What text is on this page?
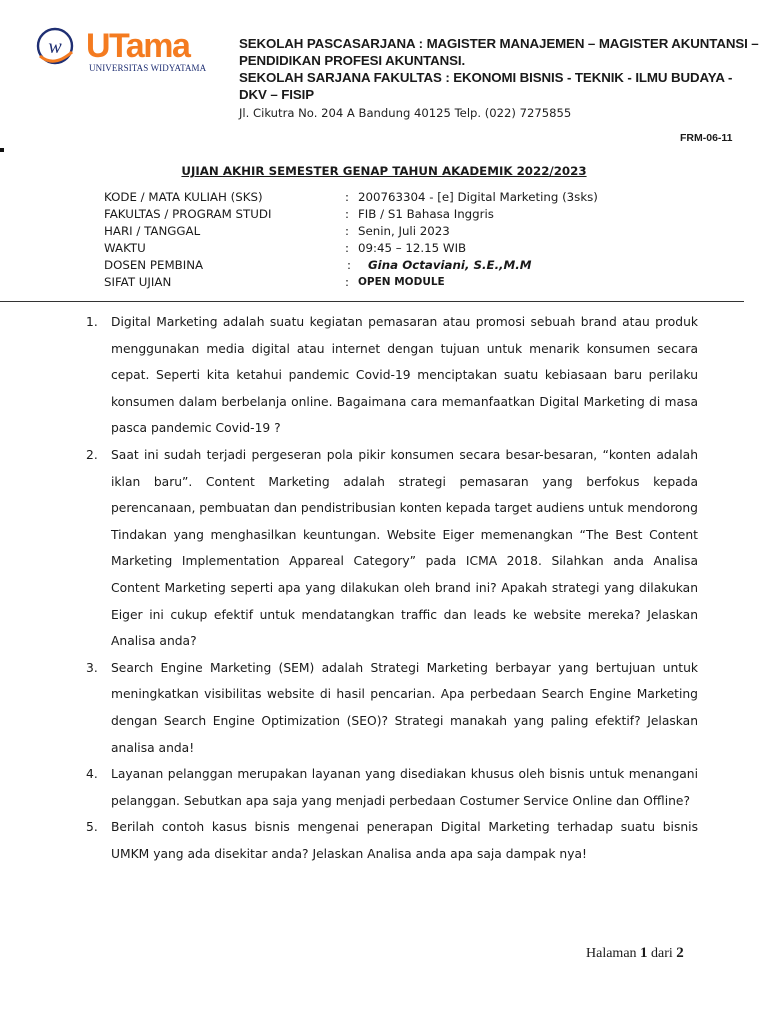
w UTama
UNIVERSITAS WIDYATAMA
SEKOLAH PASCASARJANA : MAGISTER MANAJEMEN – MAGISTER AKUNTANSI –
PENDIDIKAN PROFESI AKUNTANSI.
SEKOLAH SARJANA FAKULTAS : EKONOMI BISNIS - TEKNIK - ILMU BUDAYA -
DKV – FISIP
Jl. Cikutra No. 204 A Bandung 40125 Telp. (022) 7275855
FRM-06-11
UJIAN AKHIR SEMESTER GENAP TAHUN AKADEMIK 2022/2023
KODE / MATA KULIAH (SKS)	: 200763304 - [e] Digital Marketing (3sks)
FAKULTAS / PROGRAM STUDI	: FIB / S1 Bahasa Inggris
HARI / TANGGAL	: Senin, Juli 2023
WAKTU	: 09:45 – 12.15 WIB
DOSEN PEMBINA	: Gina Octaviani, S.E.,M.M
SIFAT UJIAN	: OPEN MODULE

1. Digital Marketing adalah suatu kegiatan pemasaran atau promosi sebuah brand atau produk menggunakan media digital atau internet dengan tujuan untuk menarik konsumen secara cepat. Seperti kita ketahui pandemic Covid-19 menciptakan suatu kebiasaan baru perilaku konsumen dalam berbelanja online. Bagaimana cara memanfaatkan Digital Marketing di masa pasca pandemic Covid-19 ?

2. Saat ini sudah terjadi pergeseran pola pikir konsumen secara besar-besaran, “konten adalah iklan baru”. Content Marketing adalah strategi pemasaran yang berfokus kepada perencanaan, pembuatan dan pendistribusian konten kepada target audiens untuk mendorong Tindakan yang menghasilkan keuntungan. Website Eiger memenangkan “The Best Content Marketing Implementation Appareal Category” pada ICMA 2018. Silahkan anda Analisa Content Marketing seperti apa yang dilakukan oleh brand ini? Apakah strategi yang dilakukan Eiger ini cukup efektif untuk mendatangkan traffic dan leads ke website mereka? Jelaskan Analisa anda?

3. Search Engine Marketing (SEM) adalah Strategi Marketing berbayar yang bertujuan untuk meningkatkan visibilitas website di hasil pencarian. Apa perbedaan Search Engine Marketing dengan Search Engine Optimization (SEO)? Strategi manakah yang paling efektif? Jelaskan analisa anda!

4. Layanan pelanggan merupakan layanan yang disediakan khusus oleh bisnis untuk menangani pelanggan. Sebutkan apa saja yang menjadi perbedaan Costumer Service Online dan Offline?

5. Berilah contoh kasus bisnis mengenai penerapan Digital Marketing terhadap suatu bisnis UMKM yang ada disekitar anda? Jelaskan Analisa anda apa saja dampak nya!

Halaman 1 dari 2
